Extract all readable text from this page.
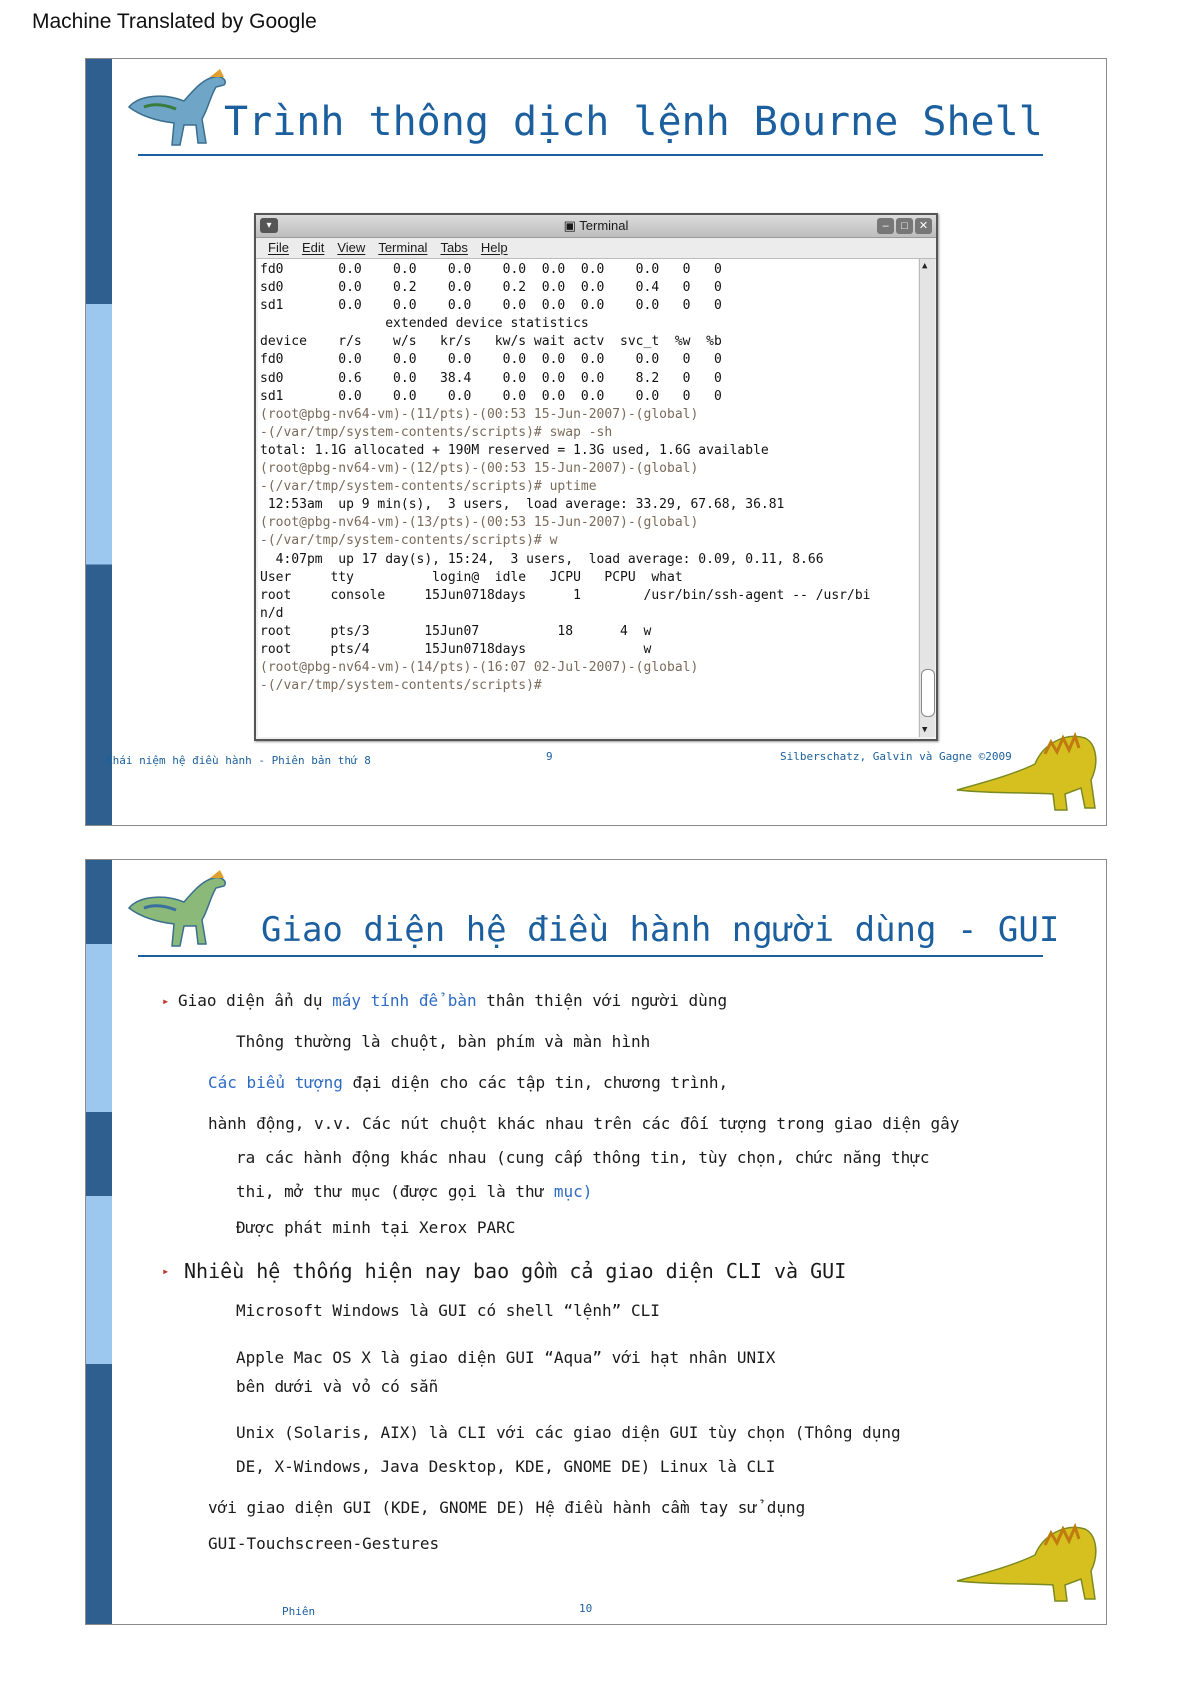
Machine Translated by Google
Trình thông dịch lệnh Bourne Shell
▾	▣ Terminal	– □ ✕
File Edit View Terminal Tabs Help
fd0       0.0    0.0    0.0    0.0  0.0  0.0    0.0   0   0
sd0       0.0    0.2    0.0    0.2  0.0  0.0    0.4   0   0
sd1       0.0    0.0    0.0    0.0  0.0  0.0    0.0   0   0
extended device statistics
device    r/s    w/s   kr/s   kw/s wait actv  svc_t  %w  %b
fd0       0.0    0.0    0.0    0.0  0.0  0.0    0.0   0   0
sd0       0.6    0.0   38.4    0.0  0.0  0.0    8.2   0   0
sd1       0.0    0.0    0.0    0.0  0.0  0.0    0.0   0   0
(root@pbg-nv64-vm)-(11/pts)-(00:53 15-Jun-2007)-(global)
-(/var/tmp/system-contents/scripts)# swap -sh
total: 1.1G allocated + 190M reserved = 1.3G used, 1.6G available
(root@pbg-nv64-vm)-(12/pts)-(00:53 15-Jun-2007)-(global)
-(/var/tmp/system-contents/scripts)# uptime
12:53am  up 9 min(s),  3 users,  load average: 33.29, 67.68, 36.81
(root@pbg-nv64-vm)-(13/pts)-(00:53 15-Jun-2007)-(global)
-(/var/tmp/system-contents/scripts)# w
4:07pm  up 17 day(s), 15:24,  3 users,  load average: 0.09, 0.11, 8.66
User     tty          login@  idle   JCPU   PCPU  what
root     console     15Jun0718days      1        /usr/bin/ssh-agent -- /usr/bi
n/d
root     pts/3       15Jun07          18      4  w
root     pts/4       15Jun0718days               w
(root@pbg-nv64-vm)-(14/pts)-(16:07 02-Jul-2007)-(global)
-(/var/tmp/system-contents/scripts)#
▲
▼
Khái niệm hệ điều hành - Phiên bản thứ 8	9	Silberschatz, Galvin và Gagne ©2009
Giao diện hệ điều hành người dùng - GUI
▸ Giao diện ẩn dụ máy tính để bàn thân thiện với người dùng
Thông thường là chuột, bàn phím và màn hình
Các biểu tượng đại diện cho các tập tin, chương trình,
hành động, v.v. Các nút chuột khác nhau trên các đối tượng trong giao diện gây
ra các hành động khác nhau (cung cấp thông tin, tùy chọn, chức năng thực
thi, mở thư mục (được gọi là thư mục)
Được phát minh tại Xerox PARC
▸ Nhiều hệ thống hiện nay bao gồm cả giao diện CLI và GUI
Microsoft Windows là GUI có shell “lệnh” CLI
Apple Mac OS X là giao diện GUI “Aqua” với hạt nhân UNIX
bên dưới và vỏ có sẵn
Unix (Solaris, AIX) là CLI với các giao diện GUI tùy chọn (Thông dụng
DE, X-Windows, Java Desktop, KDE, GNOME DE) Linux là CLI
với giao diện GUI (KDE, GNOME DE) Hệ điều hành cầm tay sử dụng
GUI-Touchscreen-Gestures
Phiên	10
